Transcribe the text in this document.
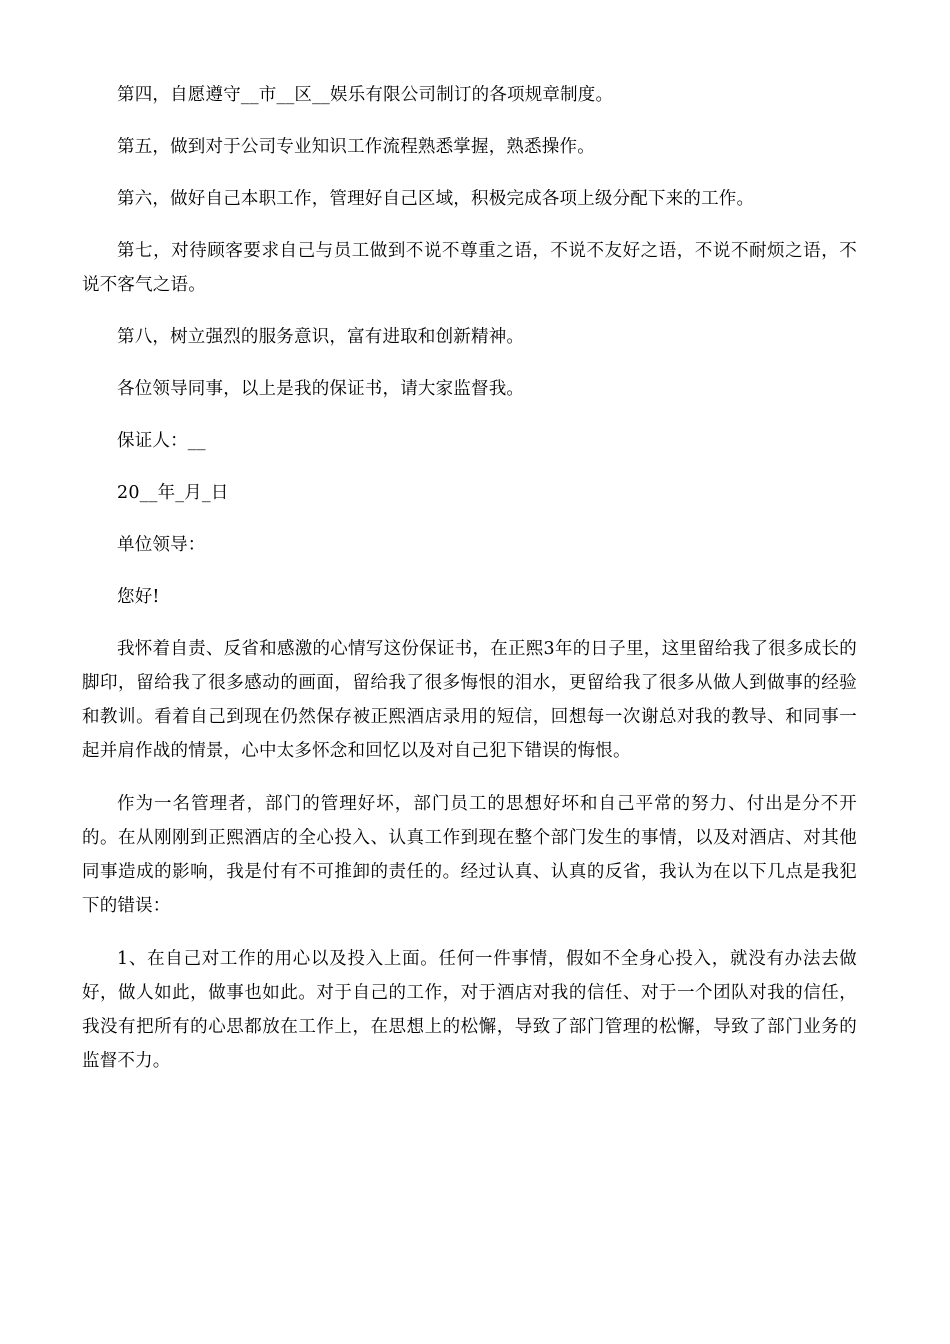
第四，自愿遵守__市__区__娱乐有限公司制订的各项规章制度。

第五，做到对于公司专业知识工作流程熟悉掌握，熟悉操作。

第六，做好自己本职工作，管理好自己区域，积极完成各项上级分配下来的工作。

第七，对待顾客要求自己与员工做到不说不尊重之语，不说不友好之语，不说不耐烦之语，不说不客气之语。

第八，树立强烈的服务意识，富有进取和创新精神。

各位领导同事，以上是我的保证书，请大家监督我。

保证人：__

20__年_月_日

单位领导：

您好!

我怀着自责、反省和感激的心情写这份保证书，在正熙3年的日子里，这里留给我了很多成长的脚印，留给我了很多感动的画面，留给我了很多悔恨的泪水，更留给我了很多从做人到做事的经验和教训。看着自己到现在仍然保存被正熙酒店录用的短信，回想每一次谢总对我的教导、和同事一起并肩作战的情景，心中太多怀念和回忆以及对自己犯下错误的悔恨。

作为一名管理者，部门的管理好坏，部门员工的思想好坏和自己平常的努力、付出是分不开的。在从刚刚到正熙酒店的全心投入、认真工作到现在整个部门发生的事情，以及对酒店、对其他同事造成的影响，我是付有不可推卸的责任的。经过认真、认真的反省，我认为在以下几点是我犯下的错误：

1、在自己对工作的用心以及投入上面。任何一件事情，假如不全身心投入，就没有办法去做好，做人如此，做事也如此。对于自己的工作，对于酒店对我的信任、对于一个团队对我的信任，我没有把所有的心思都放在工作上，在思想上的松懈，导致了部门管理的松懈，导致了部门业务的监督不力。
